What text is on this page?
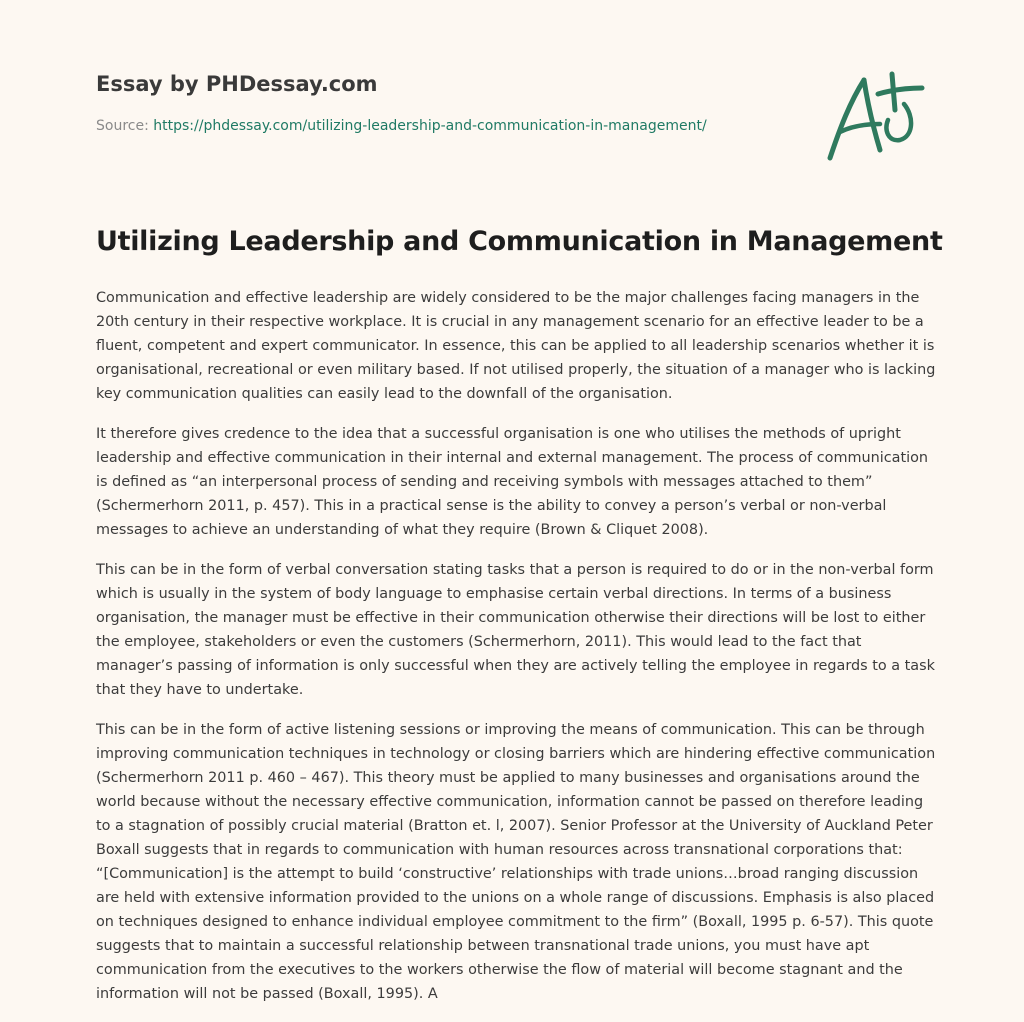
Essay by PHDessay.com
Source: https://phdessay.com/utilizing-leadership-and-communication-in-management/
Utilizing Leadership and Communication in Management

Communication and effective leadership are widely considered to be the major challenges facing managers in the 20th century in their respective workplace. It is crucial in any management scenario for an effective leader to be a fluent, competent and expert communicator. In essence, this can be applied to all leadership scenarios whether it is organisational, recreational or even military based. If not utilised properly, the situation of a manager who is lacking key communication qualities can easily lead to the downfall of the organisation.

It therefore gives credence to the idea that a successful organisation is one who utilises the methods of upright leadership and effective communication in their internal and external management. The process of communication is defined as “an interpersonal process of sending and receiving symbols with messages attached to them” (Schermerhorn 2011, p. 457). This in a practical sense is the ability to convey a person’s verbal or non-verbal messages to achieve an understanding of what they require (Brown & Cliquet 2008).

This can be in the form of verbal conversation stating tasks that a person is required to do or in the non-verbal form which is usually in the system of body language to emphasise certain verbal directions. In terms of a business organisation, the manager must be effective in their communication otherwise their directions will be lost to either the employee, stakeholders or even the customers (Schermerhorn, 2011). This would lead to the fact that manager’s passing of information is only successful when they are actively telling the employee in regards to a task that they have to undertake.

This can be in the form of active listening sessions or improving the means of communication. This can be through improving communication techniques in technology or closing barriers which are hindering effective communication (Schermerhorn 2011 p. 460 – 467). This theory must be applied to many businesses and organisations around the world because without the necessary effective communication, information cannot be passed on therefore leading to a stagnation of possibly crucial material (Bratton et. l, 2007). Senior Professor at the University of Auckland Peter Boxall suggests that in regards to communication with human resources across transnational corporations that: “[Communication] is the attempt to build ‘constructive’ relationships with trade unions…broad ranging discussion are held with extensive information provided to the unions on a whole range of discussions. Emphasis is also placed on techniques designed to enhance individual employee commitment to the firm” (Boxall, 1995 p. 6-57). This quote suggests that to maintain a successful relationship between transnational trade unions, you must have apt communication from the executives to the workers otherwise the flow of material will become stagnant and the information will not be passed (Boxall, 1995). A
